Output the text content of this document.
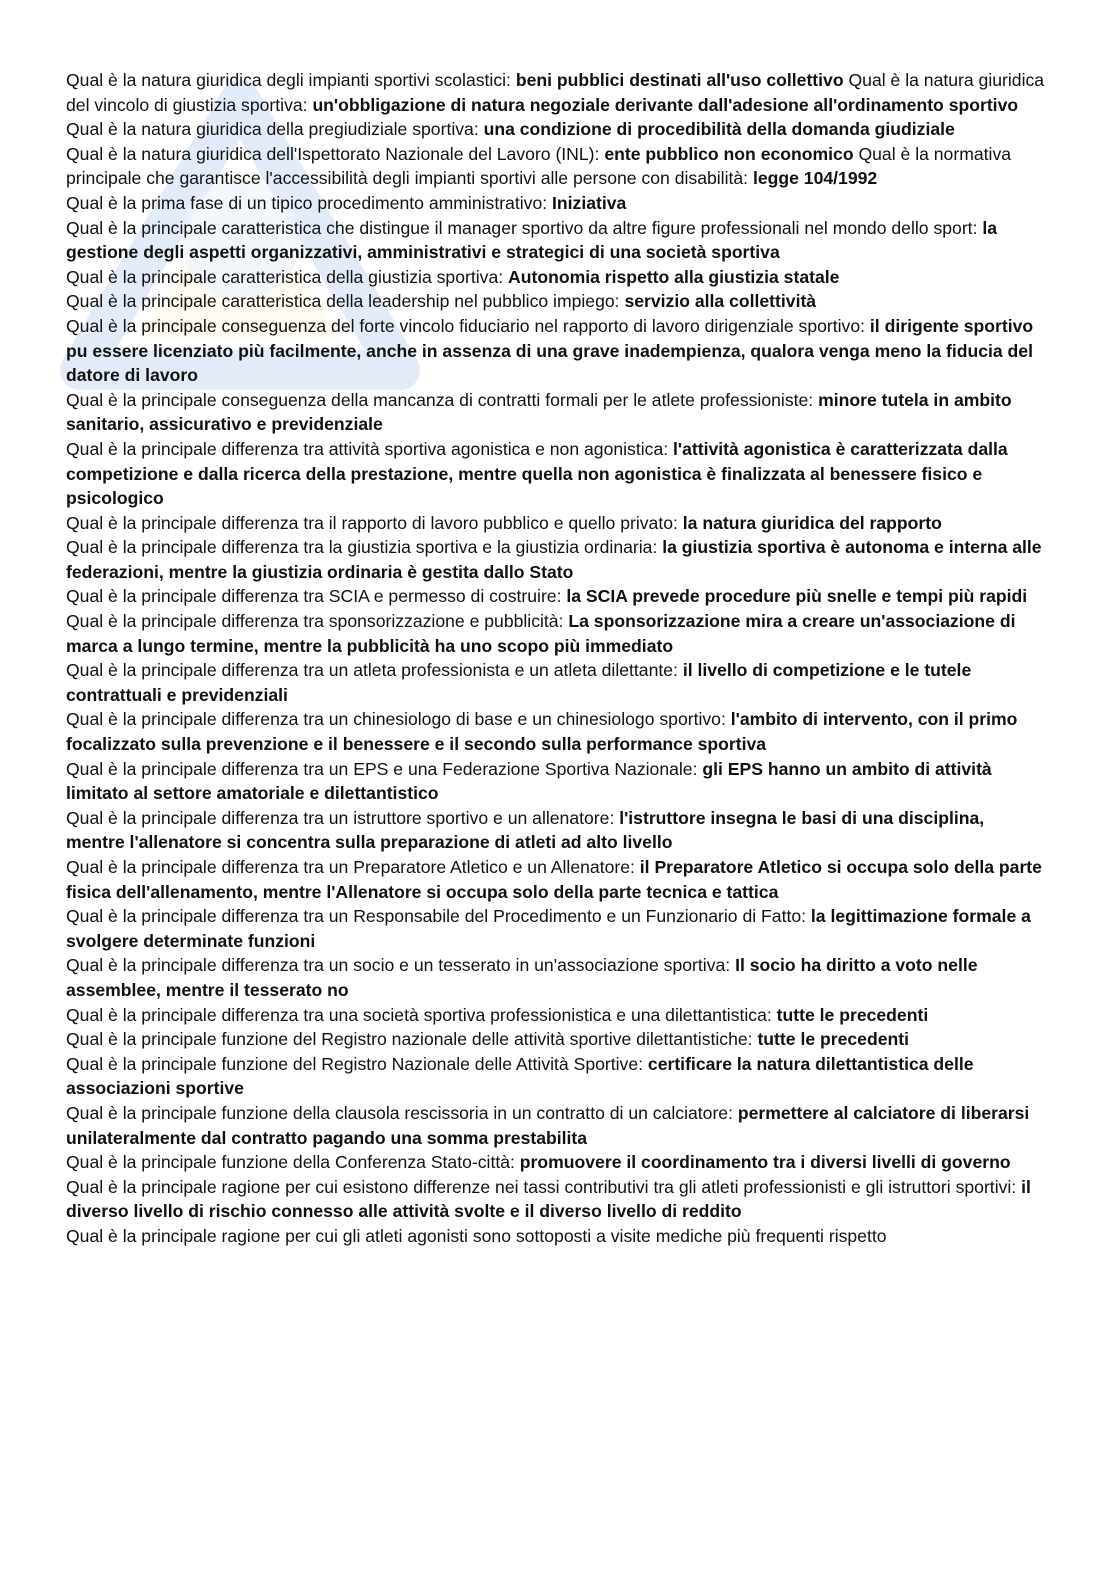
Qual è la natura giuridica degli impianti sportivi scolastici: beni pubblici destinati all'uso collettivo Qual è la natura giuridica del vincolo di giustizia sportiva: un'obbligazione di natura negoziale derivante dall'adesione all'ordinamento sportivo

Qual è la natura giuridica della pregiudiziale sportiva: una condizione di procedibilità della domanda giudiziale

Qual è la natura giuridica dell'Ispettorato Nazionale del Lavoro (INL): ente pubblico non economico Qual è la normativa principale che garantisce l'accessibilità degli impianti sportivi alle persone con disabilità: legge 104/1992

Qual è la prima fase di un tipico procedimento amministrativo: Iniziativa

Qual è la principale caratteristica che distingue il manager sportivo da altre figure professionali nel mondo dello sport: la gestione degli aspetti organizzativi, amministrativi e strategici di una società sportiva

Qual è la principale caratteristica della giustizia sportiva: Autonomia rispetto alla giustizia statale

Qual è la principale caratteristica della leadership nel pubblico impiego: servizio alla collettività

Qual è la principale conseguenza del forte vincolo fiduciario nel rapporto di lavoro dirigenziale sportivo: il dirigente sportivo pu essere licenziato più facilmente, anche in assenza di una grave inadempienza, qualora venga meno la fiducia del datore di lavoro

Qual è la principale conseguenza della mancanza di contratti formali per le atlete professioniste: minore tutela in ambito sanitario, assicurativo e previdenziale

Qual è la principale differenza tra attività sportiva agonistica e non agonistica: l'attività agonistica è caratterizzata dalla competizione e dalla ricerca della prestazione, mentre quella non agonistica è finalizzata al benessere fisico e psicologico

Qual è la principale differenza tra il rapporto di lavoro pubblico e quello privato: la natura giuridica del rapporto

Qual è la principale differenza tra la giustizia sportiva e la giustizia ordinaria: la giustizia sportiva è autonoma e interna alle federazioni, mentre la giustizia ordinaria è gestita dallo Stato

Qual è la principale differenza tra SCIA e permesso di costruire: la SCIA prevede procedure più snelle e tempi più rapidi

Qual è la principale differenza tra sponsorizzazione e pubblicità: La sponsorizzazione mira a creare un'associazione di marca a lungo termine, mentre la pubblicità ha uno scopo più immediato

Qual è la principale differenza tra un atleta professionista e un atleta dilettante: il livello di competizione e le tutele contrattuali e previdenziali

Qual è la principale differenza tra un chinesiologo di base e un chinesiologo sportivo: l'ambito di intervento, con il primo focalizzato sulla prevenzione e il benessere e il secondo sulla performance sportiva

Qual è la principale differenza tra un EPS e una Federazione Sportiva Nazionale: gli EPS hanno un ambito di attività limitato al settore amatoriale e dilettantistico

Qual è la principale differenza tra un istruttore sportivo e un allenatore: l'istruttore insegna le basi di una disciplina, mentre l'allenatore si concentra sulla preparazione di atleti ad alto livello

Qual è la principale differenza tra un Preparatore Atletico e un Allenatore: il Preparatore Atletico si occupa solo della parte fisica dell'allenamento, mentre l'Allenatore si occupa solo della parte tecnica e tattica

Qual è la principale differenza tra un Responsabile del Procedimento e un Funzionario di Fatto: la legittimazione formale a svolgere determinate funzioni

Qual è la principale differenza tra un socio e un tesserato in un'associazione sportiva: Il socio ha diritto a voto nelle assemblee, mentre il tesserato no

Qual è la principale differenza tra una società sportiva professionistica e una dilettantistica: tutte le precedenti

Qual è la principale funzione del Registro nazionale delle attività sportive dilettantistiche: tutte le precedenti

Qual è la principale funzione del Registro Nazionale delle Attività Sportive: certificare la natura dilettantistica delle associazioni sportive

Qual è la principale funzione della clausola rescissoria in un contratto di un calciatore: permettere al calciatore di liberarsi unilateralmente dal contratto pagando una somma prestabilita

Qual è la principale funzione della Conferenza Stato-città: promuovere il coordinamento tra i diversi livelli di governo

Qual è la principale ragione per cui esistono differenze nei tassi contributivi tra gli atleti professionisti e gli istruttori sportivi: il diverso livello di rischio connesso alle attività svolte e il diverso livello di reddito

Qual è la principale ragione per cui gli atleti agonisti sono sottoposti a visite mediche più frequenti rispetto
